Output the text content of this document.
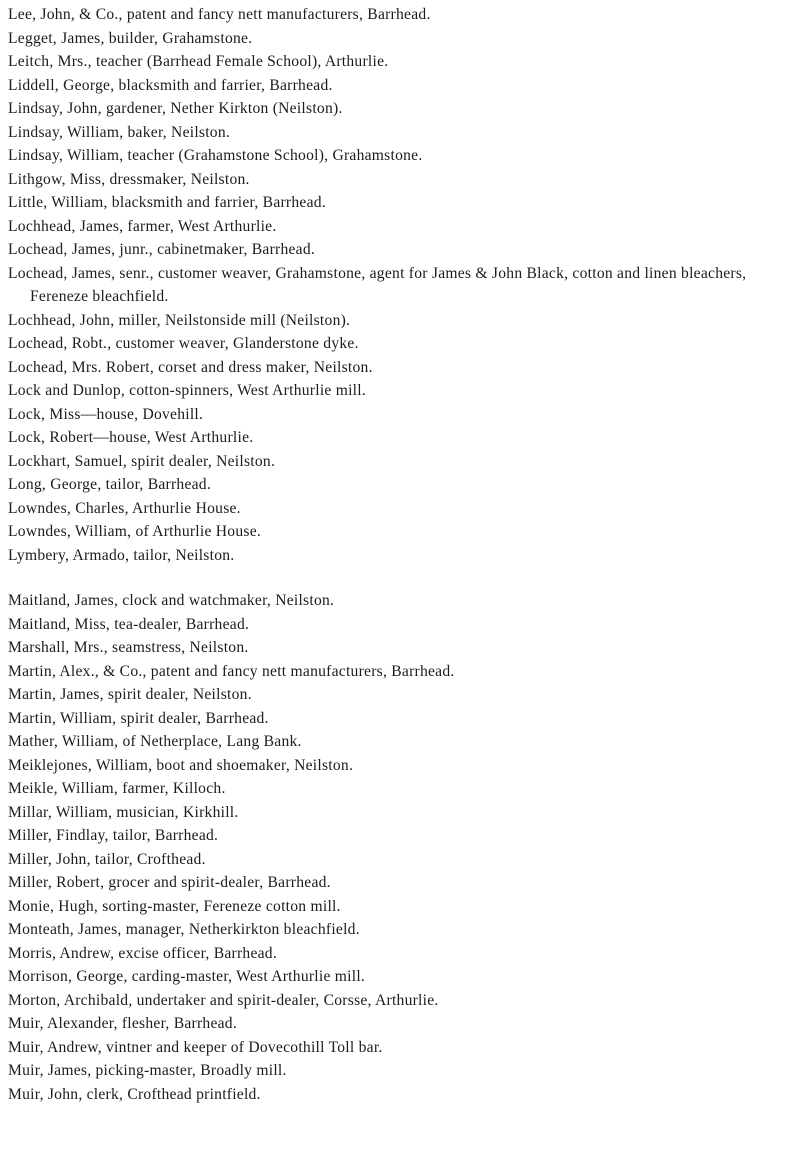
Lee, John, & Co., patent and fancy nett manufacturers, Barrhead.
Legget, James, builder, Grahamstone.
Leitch, Mrs., teacher (Barrhead Female School), Arthurlie.
Liddell, George, blacksmith and farrier, Barrhead.
Lindsay, John, gardener, Nether Kirkton (Neilston).
Lindsay, William, baker, Neilston.
Lindsay, William, teacher (Grahamstone School), Grahamstone.
Lithgow, Miss, dressmaker, Neilston.
Little, William, blacksmith and farrier, Barrhead.
Lochhead, James, farmer, West Arthurlie.
Lochead, James, junr., cabinetmaker, Barrhead.
Lochead, James, senr., customer weaver, Grahamstone, agent for James & John Black, cotton and linen bleachers, Fereneze bleachfield.
Lochhead, John, miller, Neilstonside mill (Neilston).
Lochead, Robt., customer weaver, Glanderstone dyke.
Lochead, Mrs. Robert, corset and dress maker, Neilston.
Lock and Dunlop, cotton-spinners, West Arthurlie mill.
Lock, Miss—house, Dovehill.
Lock, Robert—house, West Arthurlie.
Lockhart, Samuel, spirit dealer, Neilston.
Long, George, tailor, Barrhead.
Lowndes, Charles, Arthurlie House.
Lowndes, William, of Arthurlie House.
Lymbery, Armado, tailor, Neilston.
Maitland, James, clock and watchmaker, Neilston.
Maitland, Miss, tea-dealer, Barrhead.
Marshall, Mrs., seamstress, Neilston.
Martin, Alex., & Co., patent and fancy nett manufacturers, Barrhead.
Martin, James, spirit dealer, Neilston.
Martin, William, spirit dealer, Barrhead.
Mather, William, of Netherplace, Lang Bank.
Meiklejones, William, boot and shoemaker, Neilston.
Meikle, William, farmer, Killoch.
Millar, William, musician, Kirkhill.
Miller, Findlay, tailor, Barrhead.
Miller, John, tailor, Crofthead.
Miller, Robert, grocer and spirit-dealer, Barrhead.
Monie, Hugh, sorting-master, Fereneze cotton mill.
Monteath, James, manager, Netherkirkton bleachfield.
Morris, Andrew, excise officer, Barrhead.
Morrison, George, carding-master, West Arthurlie mill.
Morton, Archibald, undertaker and spirit-dealer, Corsse, Arthurlie.
Muir, Alexander, flesher, Barrhead.
Muir, Andrew, vintner and keeper of Dovecothill Toll bar.
Muir, James, picking-master, Broadly mill.
Muir, John, clerk, Crofthead printfield.
